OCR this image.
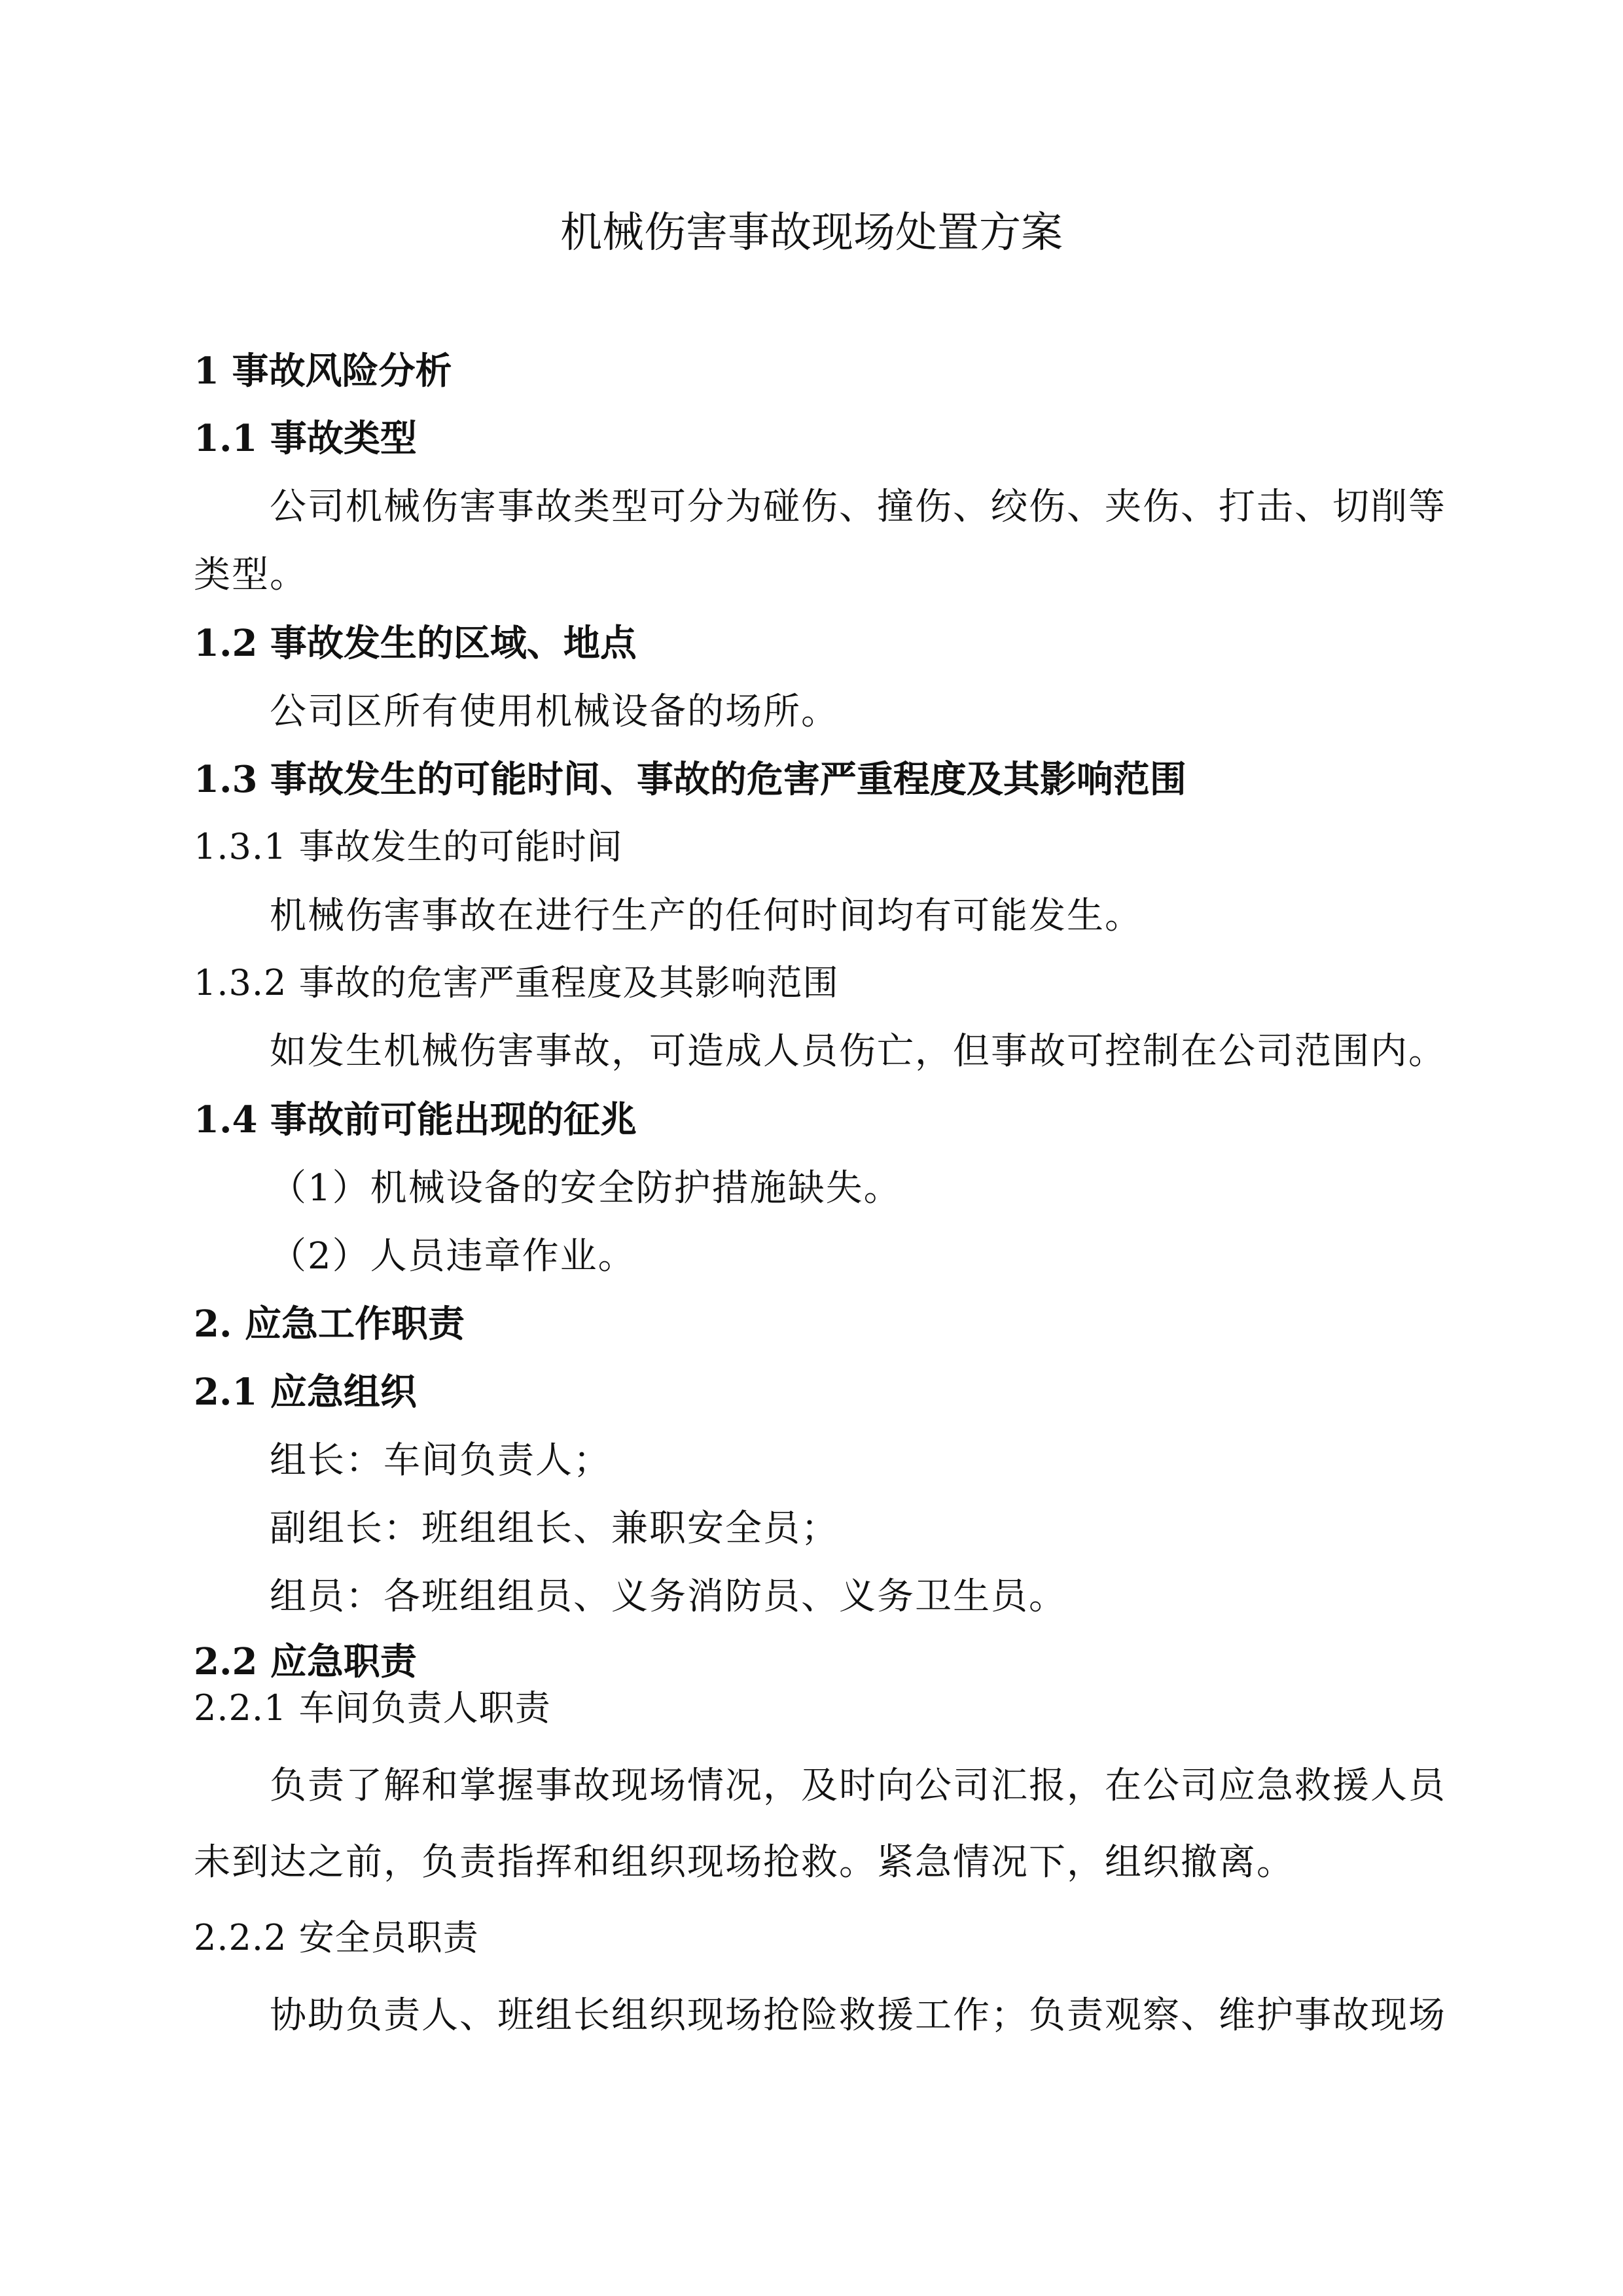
机械伤害事故现场处置方案

1 事故风险分析

1.1 事故类型

公司机械伤害事故类型可分为碰伤、撞伤、绞伤、夹伤、打击、切削等

类型。

1.2 事故发生的区域、地点

公司区所有使用机械设备的场所。

1.3 事故发生的可能时间、事故的危害严重程度及其影响范围

1.3.1 事故发生的可能时间

机械伤害事故在进行生产的任何时间均有可能发生。

1.3.2 事故的危害严重程度及其影响范围

如发生机械伤害事故，可造成人员伤亡，但事故可控制在公司范围内。

1.4 事故前可能出现的征兆

（1）机械设备的安全防护措施缺失。

（2）人员违章作业。

2. 应急工作职责

2.1 应急组织

组长：车间负责人；

副组长：班组组长、兼职安全员；

组员：各班组组员、义务消防员、义务卫生员。

2.2 应急职责

2.2.1 车间负责人职责

负责了解和掌握事故现场情况，及时向公司汇报，在公司应急救援人员

未到达之前，负责指挥和组织现场抢救。紧急情况下，组织撤离。

2.2.2 安全员职责

协助负责人、班组长组织现场抢险救援工作；负责观察、维护事故现场
